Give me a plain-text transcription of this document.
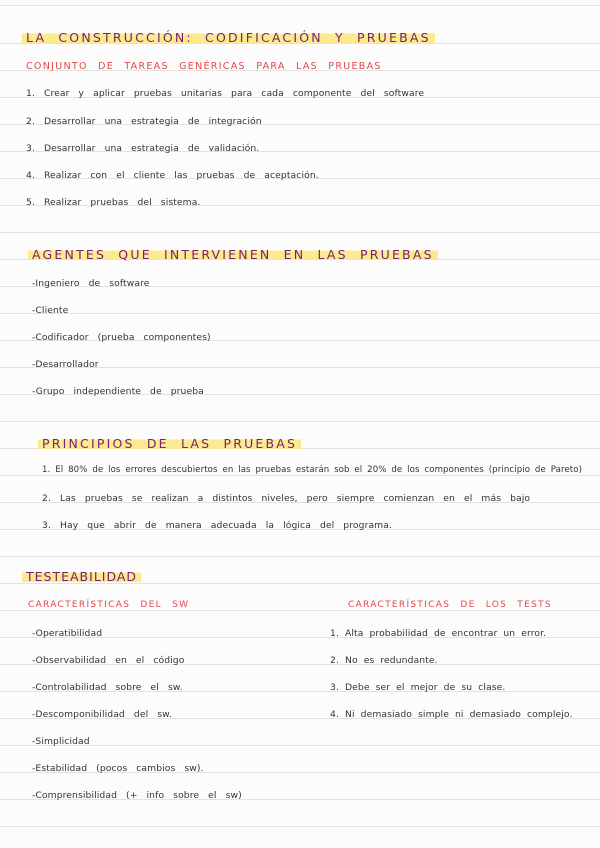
LA CONSTRUCCIÓN: CODIFICACIÓN Y PRUEBAS
CONJUNTO DE TAREAS GENÉRICAS PARA LAS PRUEBAS
1. Crear y aplicar pruebas unitarias para cada componente del software
2. Desarrollar una estrategia de integración
3. Desarrollar una estrategia de validación.
4. Realizar con el cliente las pruebas de aceptación.
5. Realizar pruebas del sistema.
AGENTES QUE INTERVIENEN EN LAS PRUEBAS
-Ingeniero de software
-Cliente
-Codificador (prueba componentes)
-Desarrollador
-Grupo independiente de prueba
PRINCIPIOS DE LAS PRUEBAS
1. El 80% de los errores descubiertos en las pruebas estarán sob el 20% de los componentes (principio de Pareto)
2. Las pruebas se realizan a distintos niveles, pero siempre comienzan en el más bajo
3. Hay que abrir de manera adecuada la lógica del programa.
TESTEABILIDAD
CARACTERÍSTICAS DEL SW	CARACTERÍSTICAS DE LOS TESTS
-Operatibilidad
-Observabilidad en el código
-Controlabilidad sobre el sw.
-Descomponibilidad del sw.
-Simplicidad
-Estabilidad (pocos cambios sw).
-Comprensibilidad (+ info sobre el sw)
1. Alta probabilidad de encontrar un error.
2. No es redundante.
3. Debe ser el mejor de su clase.
4. Ni demasiado simple ni demasiado complejo.
